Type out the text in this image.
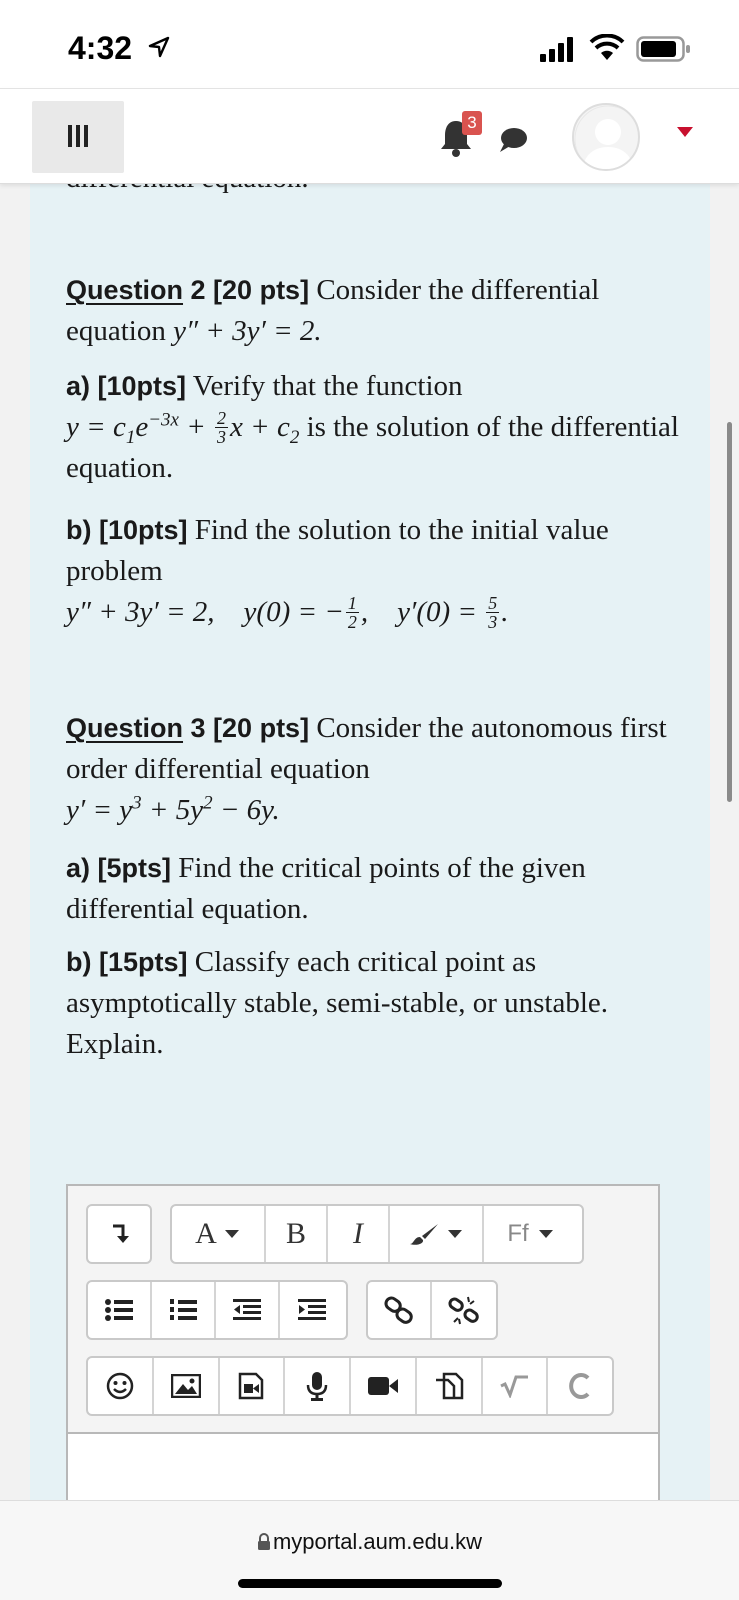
4:32
3
Question 2 [20 pts] Consider the differential equation y″ + 3y′ = 2.
a) [10pts] Verify that the function
$y = c_1e^{-3x} + \frac{2}{3}$ $x + c_2$ is the solution of the differential equation.
b) [10pts] Find the solution to the initial value problem
y″ + 3y′ = 2,    y(0) = − $\frac{1}{2}$ ,    $y'(0) = \frac{5}{3}$ .
Question 3 [20 pts] Consider the autonomous first order differential equation
$y' = y^3 + 5y^2 - 6y$.
a) [5pts] Find the critical points of the given differential equation.
b) [15pts] Classify each critical point as asymptotically stable, semi-stable, or unstable. Explain.
A	B	I	Ff
myportal.aum.edu.kw
